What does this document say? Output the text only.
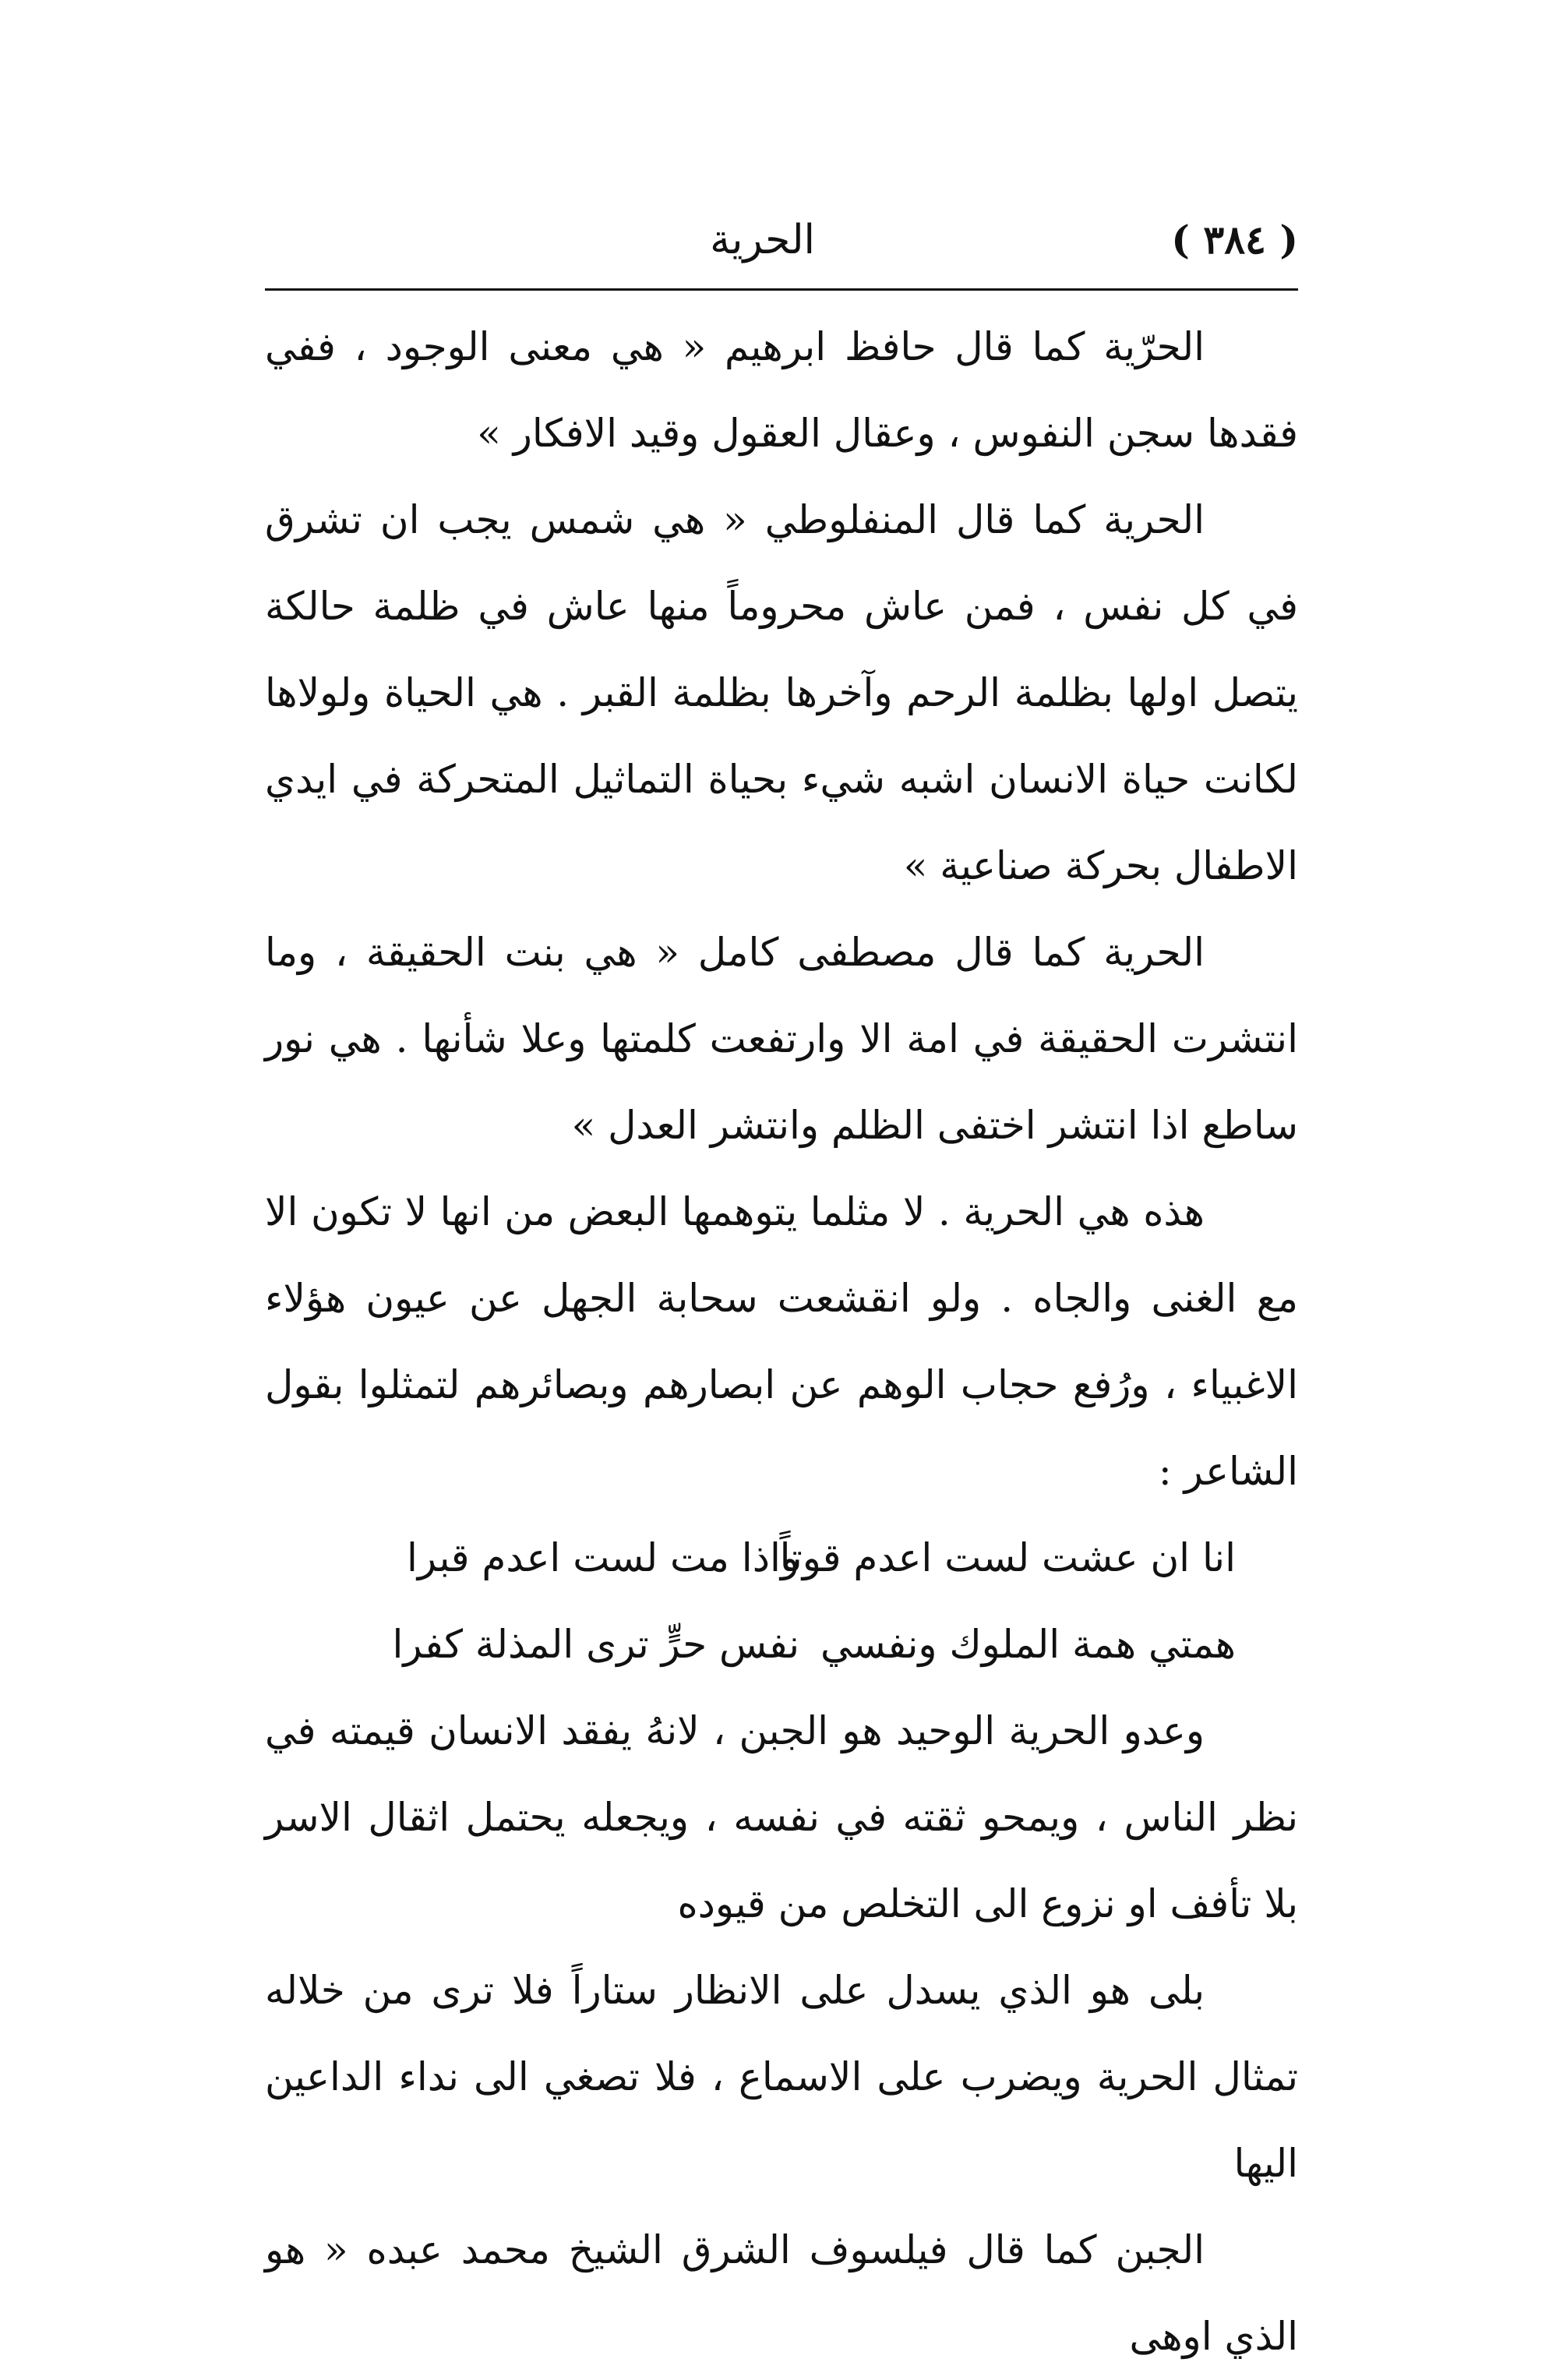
( ٣٨٤ )
الحرية

الحرّية كما قال حافظ ابرهيم « هي معنى الوجود ، ففي فقدها سجن النفوس ، وعقال العقول وقيد الافكار »

الحرية كما قال المنفلوطي « هي شمس يجب ان تشرق في كل نفس ، فمن عاش محروماً منها عاش في ظلمة حالكة يتصل اولها بظلمة الرحم وآخرها بظلمة القبر . هي الحياة ولولاها لكانت حياة الانسان اشبه شيء بحياة التماثيل المتحركة في ايدي الاطفال بحركة صناعية »

الحرية كما قال مصطفى كامل « هي بنت الحقيقة ، وما انتشرت الحقيقة في امة الا وارتفعت كلمتها وعلا شأنها . هي نور ساطع اذا انتشر اختفى الظلم وانتشر العدل »

هذه هي الحرية . لا مثلما يتوهمها البعض من انها لا تكون الا مع الغنى والجاه . ولو انقشعت سحابة الجهل عن عيون هؤلاء الاغبياء ، ورُفع حجاب الوهم عن ابصارهم وبصائرهم لتمثلوا بقول الشاعر :

انا ان عشت لست اعدم قوتاً
واذا مت لست اعدم قبرا
همتي همة الملوك ونفسي
نفس حرٍّ ترى المذلة كفرا

وعدو الحرية الوحيد هو الجبن ، لانهُ يفقد الانسان قيمته في نظر الناس ، ويمحو ثقته في نفسه ، ويجعله يحتمل اثقال الاسر بلا تأفف او نزوع الى التخلص من قيوده

بلى هو الذي يسدل على الانظار ستاراً فلا ترى من خلاله تمثال الحرية ويضرب على الاسماع ، فلا تصغي الى نداء الداعين اليها

الجبن كما قال فيلسوف الشرق الشيخ محمد عبده « هو الذي اوهى
